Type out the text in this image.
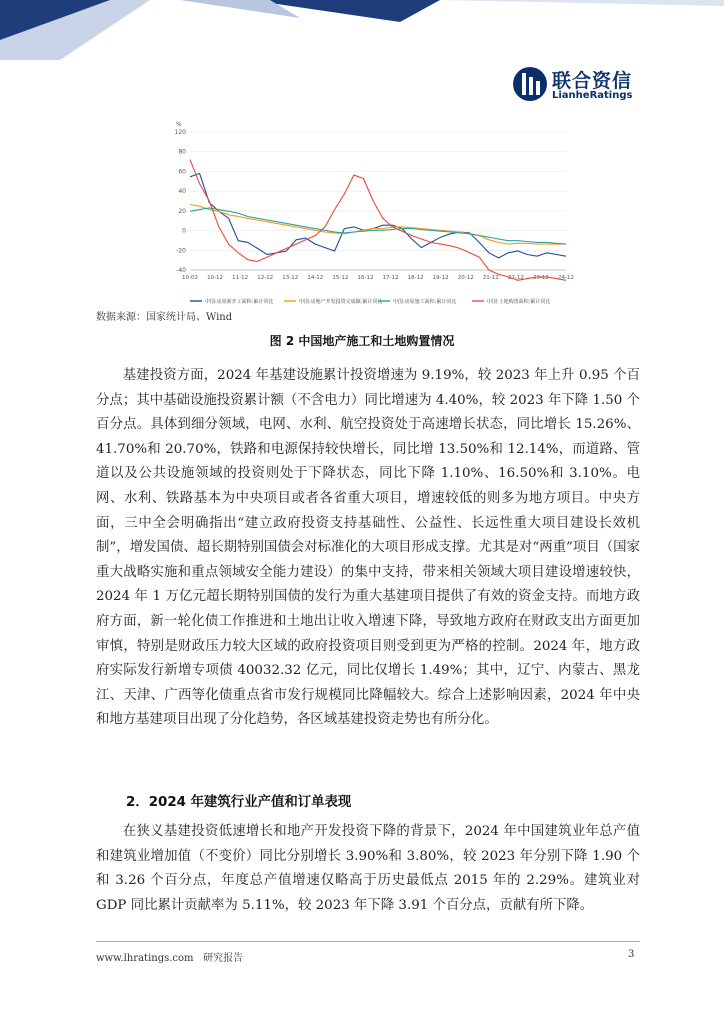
联合资信
LianheRatings
%
120
80
60
40
20
0
-20
-40
10-02 10-12 11-12 12-12 13-12 14-12 15-12 16-12 17-12 18-12 19-12 20-12 21-12 22-12 23-12 24-12
中国:房屋新开工面积:累计同比	中国:房地产开发投资完成额:累计同比 中国:房屋施工面积:累计同比	中国:土地购置面积:累计同比
数据来源：国家统计局、Wind
图 2 中国地产施工和土地购置情况
基建投资方面，2024 年基建设施累计投资增速为 9.19%，较 2023 年上升 0.95 个百分点；其中基础设施投资累计额（不含电力）同比增速为 4.40%，较 2023 年下降 1.50 个百分点。具体到细分领域，电网、水利、航空投资处于高速增长状态，同比增长 15.26%、41.70%和 20.70%，铁路和电源保持较快增长，同比增 13.50%和 12.14%，而道路、管道以及公共设施领域的投资则处于下降状态，同比下降 1.10%、16.50%和 3.10%。电网、水利、铁路基本为中央项目或者各省重大项目，增速较低的则多为地方项目。中央方面，三中全会明确指出“建立政府投资支持基础性、公益性、长远性重大项目建设长效机制”，增发国债、超长期特别国债会对标准化的大项目形成支撑。尤其是对“两重”项目（国家重大战略实施和重点领域安全能力建设）的集中支持，带来相关领域大项目建设增速较快，2024 年 1 万亿元超长期特别国债的发行为重大基建项目提供了有效的资金支持。而地方政府方面，新一轮化债工作推进和土地出让收入增速下降，导致地方政府在财政支出方面更加审慎，特别是财政压力较大区域的政府投资项目则受到更为严格的控制。2024 年，地方政府实际发行新增专项债 40032.32 亿元，同比仅增长 1.49%；其中，辽宁、内蒙古、黑龙江、天津、广西等化债重点省市发行规模同比降幅较大。综合上述影响因素，2024 年中央和地方基建项目出现了分化趋势，各区域基建投资走势也有所分化。
2．2024 年建筑行业产值和订单表现
在狭义基建投资低速增长和地产开发投资下降的背景下，2024 年中国建筑业年总产值和建筑业增加值（不变价）同比分别增长 3.90%和 3.80%，较 2023 年分别下降 1.90 个和 3.26 个百分点，年度总产值增速仅略高于历史最低点 2015 年的 2.29%。建筑业对 GDP 同比累计贡献率为 5.11%，较 2023 年下降 3.91 个百分点，贡献有所下降。
www.lhratings.com 研究报告	3
